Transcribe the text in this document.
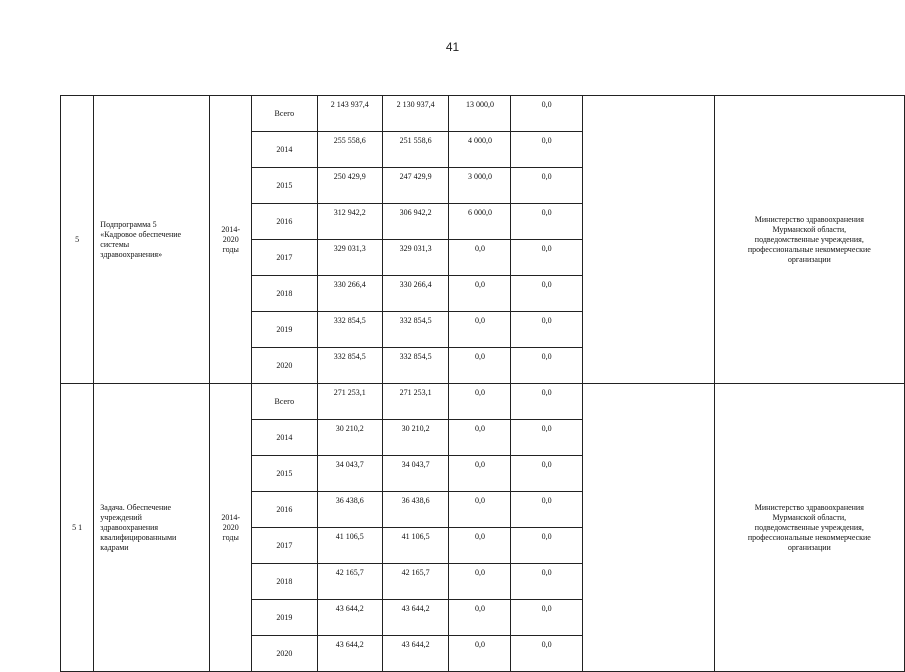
41
5	Подпрограмма 5
«Кадровое обеспечение
системы
здравоохранения»	2014-
2020
годы	Всего	2 143 937,4	2 130 937,4	13 000,0	0,0		Министерство здравоохранения
Мурманской области,
подведомственные учреждения,
профессиональные некоммерческие
организации

			2014	255 558,6	251 558,6	4 000,0	0,0		
			2015	250 429,9	247 429,9	3 000,0	0,0		
			2016	312 942,2	306 942,2	6 000,0	0,0		
			2017	329 031,3	329 031,3	0,0	0,0		
			2018	330 266,4	330 266,4	0,0	0,0		
			2019	332 854,5	332 854,5	0,0	0,0		
			2020	332 854,5	332 854,5	0,0	0,0		
5 1	Задача. Обеспечение
учреждений
здравоохранения
квалифицированными
кадрами	2014-
2020
годы	Всего	271 253,1	271 253,1	0,0	0,0		Министерство здравоохранения
Мурманской области,
подведомственные учреждения,
профессиональные некоммерческие
организации

			2014	30 210,2	30 210,2	0,0	0,0		
			2015	34 043,7	34 043,7	0,0	0,0		
			2016	36 438,6	36 438,6	0,0	0,0		
			2017	41 106,5	41 106,5	0,0	0,0		
			2018	42 165,7	42 165,7	0,0	0,0		
			2019	43 644,2	43 644,2	0,0	0,0		
			2020	43 644,2	43 644,2	0,0	0,0		
